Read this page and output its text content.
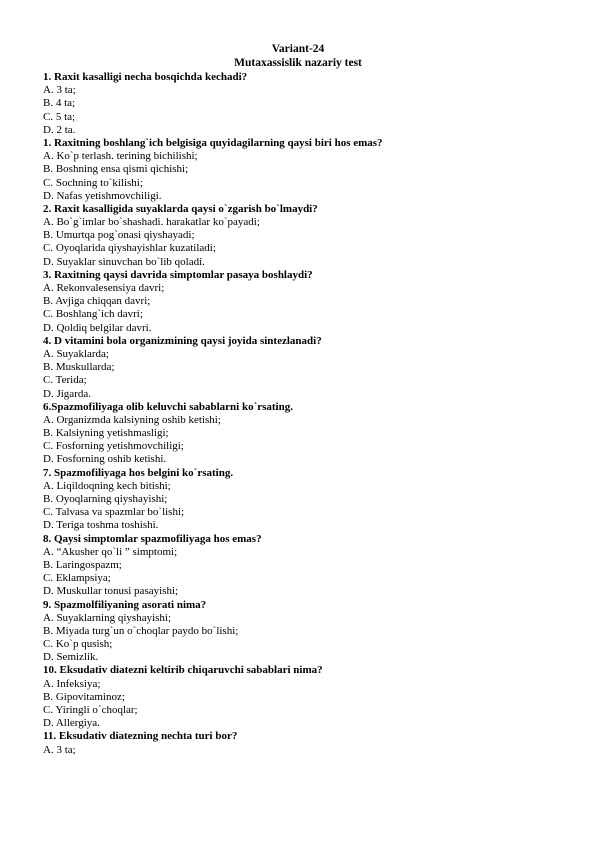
Variant-24
Mutaxassislik nazariy test
1. Raxit kasalligi necha bosqichda kechadi?
A. 3 ta;
B. 4 ta;
C. 5 ta;
D. 2 ta.
1. Raxitning boshlang`ich belgisiga quyidagilarning qaysi biri hos emas?
A. Ko`p terlash. terining bichilishi;
B. Boshning ensa qismi qichishi;
C. Sochning to`kilishi;
D. Nafas yetishmovchiligi.
2. Raxit kasalligida suyaklarda qaysi o`zgarish bo`lmaydi?
A. Bo`g`imlar bo`shashadi. harakatlar ko`payadi;
B. Umurtqa pog`onasi qiyshayadi;
C. Oyoqlarida qiyshayishlar kuzatiladi;
D. Suyaklar sinuvchan bo`lib qoladi.
3. Raxitning qaysi davrida simptomlar pasaya boshlaydi?
A. Rekonvalesensiya davri;
B. Avjiga chiqqan davri;
C. Boshlang`ich davri;
D. Qoldiq belgilar davri.
4. D vitamini bola organizmining qaysi joyida sintezlanadi?
A. Suyaklarda;
B. Muskullarda;
C. Terida;
D. Jigarda.
6.Spazmofiliyaga olib keluvchi sabablarni ko`rsating.
A. Organizmda kalsiyning oshib ketishi;
B. Kalsiyning yetishmasligi;
C. Fosforning yetishmovchiligi;
D. Fosforning oshib ketishi.
7. Spazmofiliyaga hos belgini ko`rsating.
A. Liqildoqning kech bitishi;
B. Oyoqlarning qiyshayishi;
C. Talvasa va spazmlar bo`lishi;
D. Teriga toshma toshishi.
8. Qaysi simptomlar spazmofiliyaga hos emas?
A. “Akusher qo`li ” simptomi;
B. Laringospazm;
C. Eklampsiya;
D. Muskullar tonusi pasayishi;
9. Spazmolfiliyaning asorati nima?
A. Suyaklarning qiyshayishi;
B. Miyada turg`un o`choqlar paydo bo`lishi;
C. Ko`p qusish;
D. Semizlik.
10. Eksudativ diatezni keltirib chiqaruvchi sabablari nima?
A. Infeksiya;
B. Gipovitaminoz;
C. Yiringli o`choqlar;
D. Allergiya.
11. Eksudativ diatezning nechta turi bor?
A. 3 ta;
